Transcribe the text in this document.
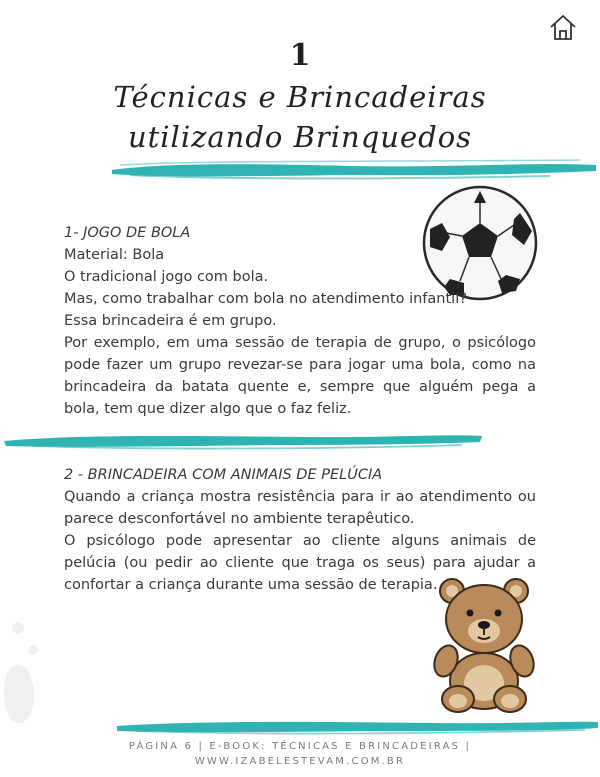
1
Técnicas e Brincadeiras
utilizando Brinquedos

1- JOGO DE BOLA

Material: Bola

O tradicional jogo com bola.

Mas, como trabalhar com bola no atendimento infantil?

Essa brincadeira é em grupo.

Por exemplo, em uma sessão de terapia de grupo, o psicólogo pode fazer um grupo revezar-se para jogar uma bola, como na brincadeira da batata quente e, sempre que alguém pega a bola, tem que dizer algo que o faz feliz.

2 - BRINCADEIRA COM ANIMAIS DE PELÚCIA

Quando a criança mostra resistência para ir ao atendimento ou parece desconfortável no ambiente terapêutico.

O psicólogo pode apresentar ao cliente alguns animais de pelúcia (ou pedir ao cliente que traga os seus) para ajudar a confortar a criança durante uma sessão de terapia.

PÁGINA 6 | E-BOOK: TÉCNICAS E BRINCADEIRAS |
WWW.IZABELESTEVAM.COM.BR
